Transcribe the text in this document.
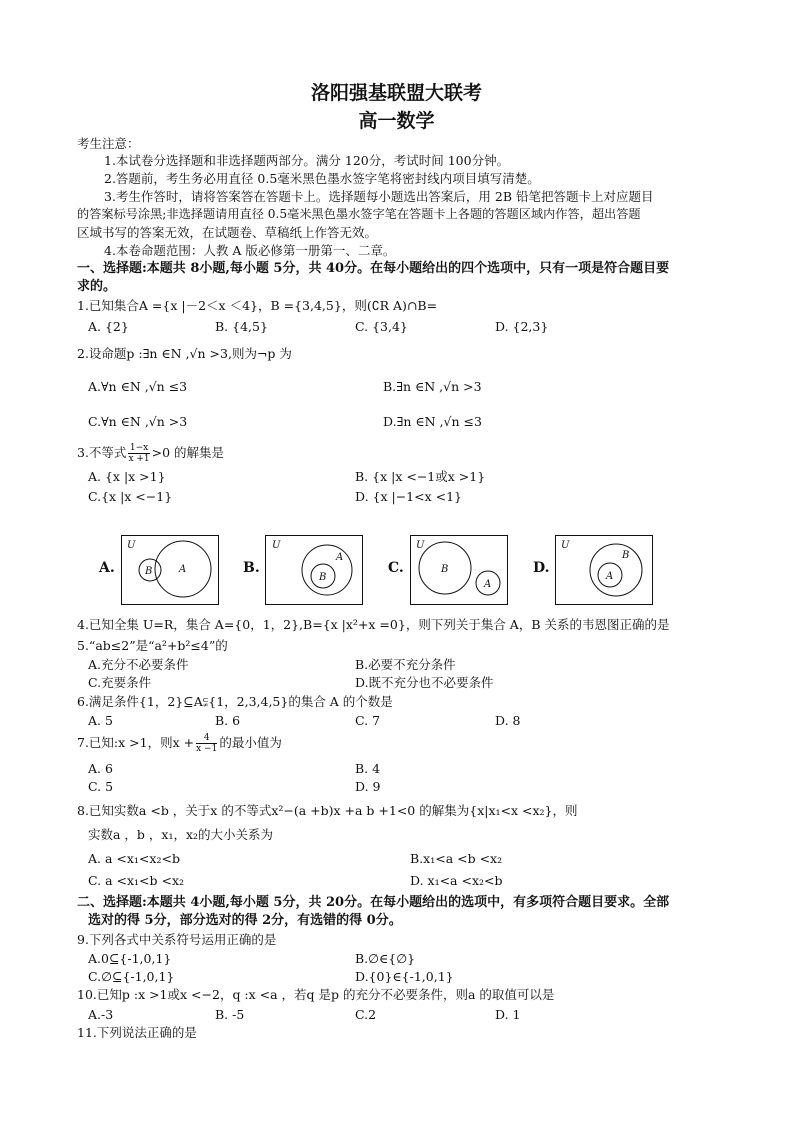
洛阳强基联盟大联考
高一数学
考生注意：
1.本试卷分选择题和非选择题两部分。满分 120分，考试时间 100分钟。
2.答题前，考生务必用直径 0.5毫米黑色墨水签字笔将密封线内项目填写清楚。
3.考生作答时，请将答案答在答题卡上。选择题每小题选出答案后，用 2B 铅笔把答题卡上对应题目
的答案标号涂黑;非选择题请用直径 0.5毫米黑色墨水签字笔在答题卡上各题的答题区域内作答，超出答题
区域书写的答案无效，在试题卷、草稿纸上作答无效。
4.本卷命题范围：人教 A 版必修第一册第一、二章。
一、选择题:本题共 8小题,每小题 5分，共 40分。在每小题给出的四个选项中，只有一项是符合题目要
求的。
1.已知集合A ={x |－2＜x ＜4}，B ={3,4,5}，则(∁R A)∩B=
A. {2}	B. {4,5}	C. {3,4}	D. {2,3}
2.设命题p :∃n ∈N ,√n >3,则为¬p 为
A.∀n ∈N ,√n ≤3	B.∃n ∈N ,√n >3
C.∀n ∈N ,√n >3	D.∃n ∈N ,√n ≤3
3.不等式 $\frac{1-x}{x +1} >0$ 的解集是
A. {x |x >1}	B. {x |x <−1或x >1}
C.{x |x <−1}	D. {x |−1<x <1}
A.
U
B	A	B.
U
B
A
C.
U
B
A
D.
U
A
B
4.已知全集 U=R，集合 A={0，1，2},B={x |x²+x =0}，则下列关于集合 A，B 关系的韦恩图正确的是
5.“ab≤2”是“a²+b²≤4”的
A.充分不必要条件	B.必要不充分条件
C.充要条件	D.既不充分也不必要条件
6.满足条件{1，2}⊆A⫋{1，2,3,4,5}的集合 A 的个数是
A. 5	B. 6	C. 7	D. 8
7.已知:x >1，则$x + \frac{4}{x -1}$ 的最小值为
A. 6	B. 4
C. 5	D. 9
8.已知实数a <b ，关于x 的不等式x²−(a +b)x +a b +1<0 的解集为{x|x₁<x <x₂}，则
实数a ，b ，x₁，x₂的大小关系为
A. a <x₁<x₂<b	B.x₁<a <b <x₂
C. a <x₁<b <x₂	D. x₁<a <x₂<b
二、选择题:本题共 4小题,每小题 5分，共 20分。在每小题给出的选项中，有多项符合题目要求。全部
选对的得 5分，部分选对的得 2分，有选错的得 0分。
9.下列各式中关系符号运用正确的是
A.0⊆{-1,0,1}	B.∅∈{∅}
C.∅⊆{-1,0,1}	D.{0}∈{-1,0,1}
10.已知p :x >1或x <−2，q :x <a ，若q 是p 的充分不必要条件，则a 的取值可以是
A.-3	B. -5	C.2	D. 1
11.下列说法正确的是
